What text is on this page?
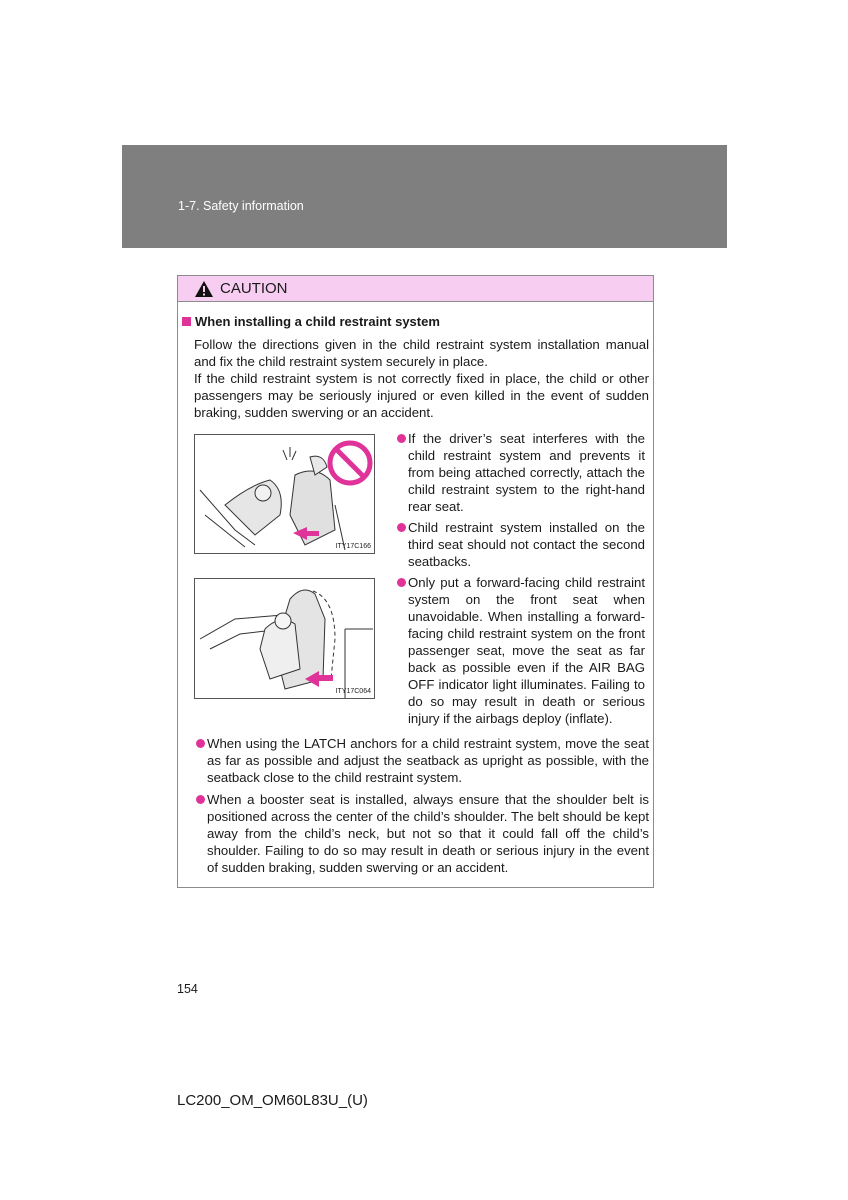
1-7. Safety information
CAUTION
When installing a child restraint system
Follow the directions given in the child restraint system installation manual and fix the child restraint system securely in place.
If the child restraint system is not correctly fixed in place, the child or other passengers may be seriously injured or even killed in the event of sudden braking, sudden swerving or an accident.
ITY17C166
ITY17C064
If the driver’s seat interferes with the child restraint system and prevents it from being attached correctly, attach the child restraint system to the right-hand rear seat.
Child restraint system installed on the third seat should not contact the second seatbacks.
Only put a forward-facing child restraint system on the front seat when unavoidable. When installing a forward-facing child restraint system on the front passenger seat, move the seat as far back as possible even if the AIR BAG OFF indicator light illuminates. Failing to do so may result in death or serious injury if the airbags deploy (inflate).
When using the LATCH anchors for a child restraint system, move the seat as far as possible and adjust the seatback as upright as possible, with the seatback close to the child restraint system.
When a booster seat is installed, always ensure that the shoulder belt is positioned across the center of the child’s shoulder. The belt should be kept away from the child’s neck, but not so that it could fall off the child’s shoulder. Failing to do so may result in death or serious injury in the event of sudden braking, sudden swerving or an accident.
154
LC200_OM_OM60L83U_(U)
